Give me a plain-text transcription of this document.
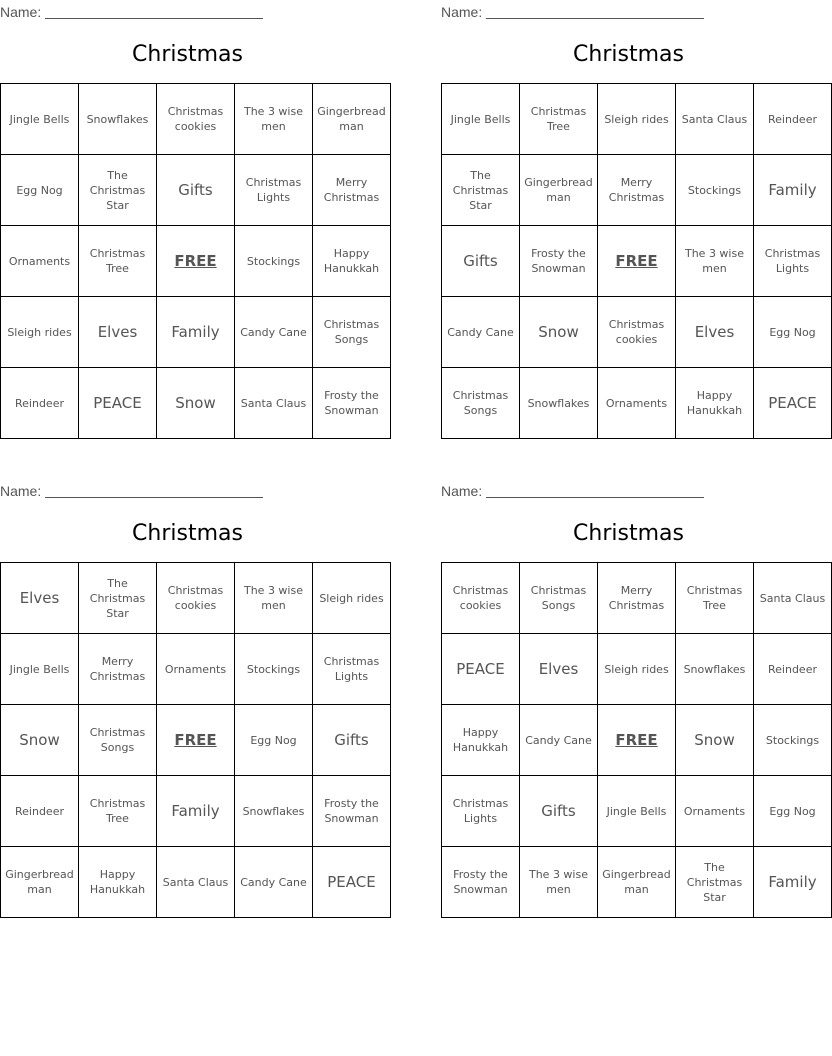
Name:
Christmas
Jingle Bells	Snowflakes	Christmas cookies	The 3 wise men	Gingerbread man
Egg Nog	The Christmas Star	Gifts	Christmas Lights	Merry Christmas
Ornaments	Christmas Tree	FREE	Stockings	Happy Hanukkah
Sleigh rides	Elves	Family	Candy Cane	Christmas Songs
Reindeer	PEACE	Snow	Santa Claus	Frosty the Snowman
Name:
Christmas
Jingle Bells	Christmas Tree	Sleigh rides	Santa Claus	Reindeer
The Christmas Star	Gingerbread man	Merry Christmas	Stockings	Family
Gifts	Frosty the Snowman	FREE	The 3 wise men	Christmas Lights
Candy Cane	Snow	Christmas cookies	Elves	Egg Nog
Christmas Songs	Snowflakes	Ornaments	Happy Hanukkah	PEACE
Name:
Christmas
Elves	The Christmas Star	Christmas cookies	The 3 wise men	Sleigh rides
Jingle Bells	Merry Christmas	Ornaments	Stockings	Christmas Lights
Snow	Christmas Songs	FREE	Egg Nog	Gifts
Reindeer	Christmas Tree	Family	Snowflakes	Frosty the Snowman
Gingerbread man	Happy Hanukkah	Santa Claus	Candy Cane	PEACE
Name:
Christmas
Christmas cookies	Christmas Songs	Merry Christmas	Christmas Tree	Santa Claus
PEACE	Elves	Sleigh rides	Snowflakes	Reindeer
Happy Hanukkah	Candy Cane	FREE	Snow	Stockings
Christmas Lights	Gifts	Jingle Bells	Ornaments	Egg Nog
Frosty the Snowman	The 3 wise men	Gingerbread man	The Christmas Star	Family
